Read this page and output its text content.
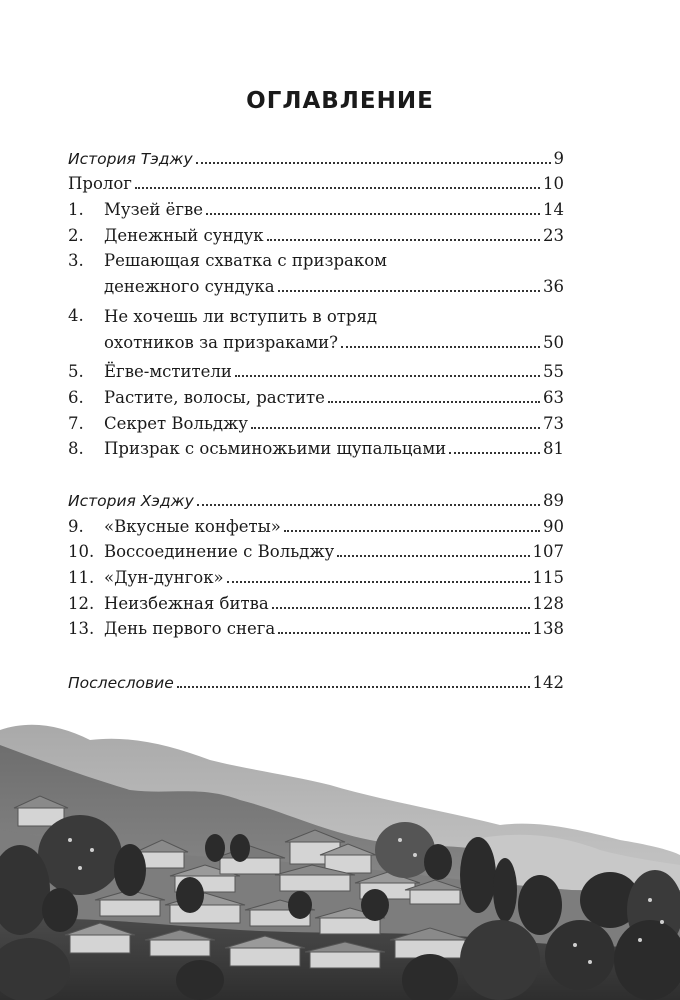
ОГЛАВЛЕНИЕ
История Тэджу	9
Пролог	10
1.	Музей ёгве	14
2.	Денежный сундук	23
3.	Решающая схватка с призраком
денежного сундука	36
4.	Не хочешь ли вступить в отряд
охотников за призраками?	50
5.	Ёгве-мстители	55
6.	Растите, волосы, растите	63
7.	Секрет Вольджу	73
8.	Призрак с осьминожьими щупальцами	81
История Хэджу	89
9.	«Вкусные конфеты»	90
10. Воссоединение с Вольджу	107
11. «Дун-дунгок»	115
12. Неизбежная битва	128
13. День первого снега	138
Послесловие	142
